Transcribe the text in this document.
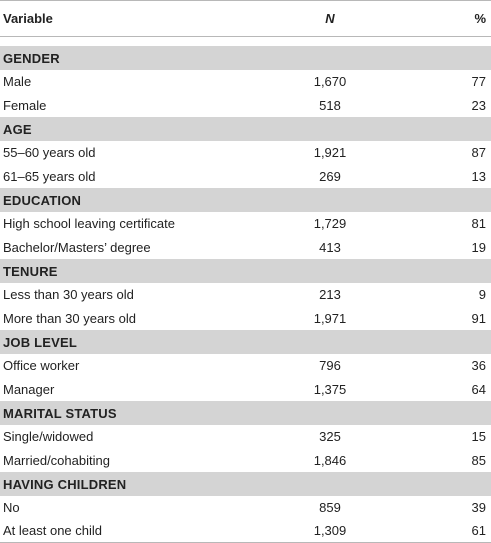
Variable	N	%
GENDER
Male	1,670	77
Female	518	23
AGE
55–60 years old	1,921	87
61–65 years old	269	13
EDUCATION
High school leaving certificate	1,729	81
Bachelor/Masters’ degree	413	19
TENURE
Less than 30 years old	213	9
More than 30 years old	1,971	91
JOB LEVEL
Office worker	796	36
Manager	1,375	64
MARITAL STATUS
Single/widowed	325	15
Married/cohabiting	1,846	85
HAVING CHILDREN
No	859	39
At least one child	1,309	61
